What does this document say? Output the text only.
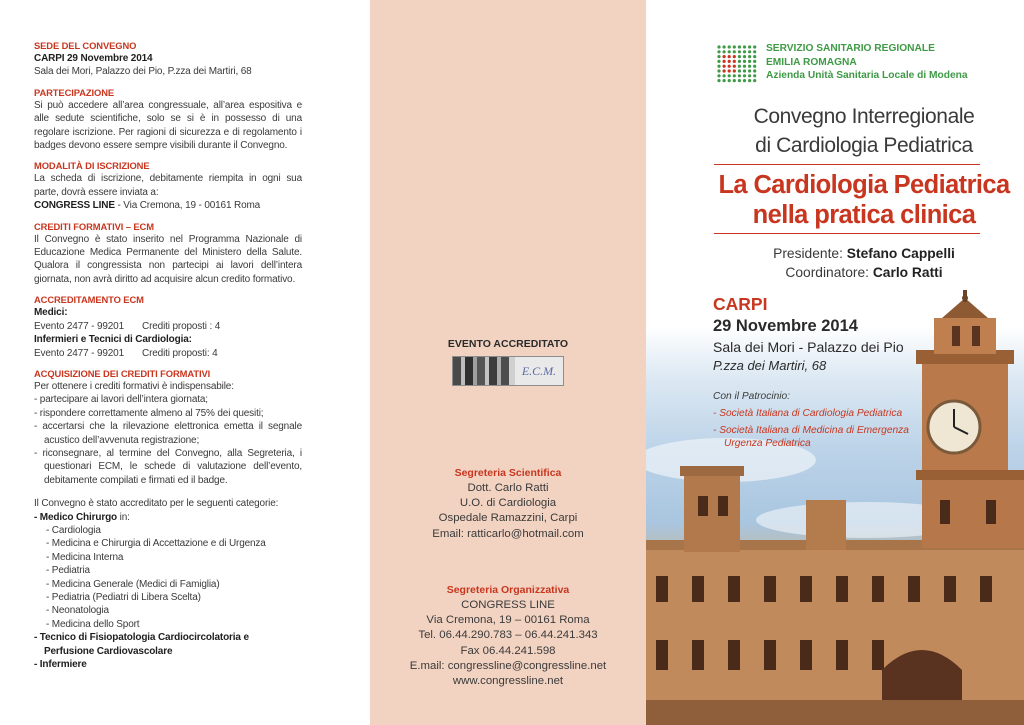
SEDE DEL CONVEGNO
CARPI 29 Novembre 2014
Sala dei Mori, Palazzo dei Pio, P.zza dei Martiri, 68
PARTECIPAZIONE

Si può accedere all’area congressuale, all’area espositiva e alle sedute scientifiche, solo se si è in possesso di una regolare iscrizione. Per ragioni di sicurezza e di regolamento i badges devono essere sempre visibili durante il Convegno.

MODALITÀ DI ISCRIZIONE

La scheda di iscrizione, debitamente riempita in ogni sua parte, dovrà essere inviata a:

CONGRESS LINE - Via Cremona, 19 - 00161 Roma
CREDITI FORMATIVI – ECM

Il Convegno è stato inserito nel Programma Nazionale di Educazione Medica Permanente del Ministero della Salute. Qualora il congressista non partecipi ai lavori dell’intera giornata, non avrà diritto ad acquisire alcun credito formativo.

ACCREDITAMENTO ECM
Medici:
Evento 2477 - 99201	Crediti proposti : 4
Infermieri e Tecnici di Cardiologia:
Evento 2477 - 99201	Crediti proposti: 4
ACQUISIZIONE DEI CREDITI FORMATIVI
Per ottenere i crediti formativi è indispensabile:
- partecipare ai lavori dell’intera giornata;
- rispondere correttamente almeno al 75% dei quesiti;
- accertarsi che la rilevazione elettronica emetta il segnale acustico dell’avvenuta registrazione;
- riconsegnare, al termine del Convegno, alla Segreteria, i questionari ECM, le schede di valutazione dell’evento, debitamente compilati e firmati ed il badge.
Il Convegno è stato accreditato per le seguenti categorie:
- Medico Chirurgo in:
- Cardiologia
- Medicina e Chirurgia di Accettazione e di Urgenza
- Medicina Interna
- Pediatria
- Medicina Generale (Medici di Famiglia)
- Pediatria (Pediatri di Libera Scelta)
- Neonatologia
- Medicina dello Sport
- Tecnico di Fisiopatologia Cardiocircolatoria e
Perfusione Cardiovascolare
- Infermiere
EVENTO ACCREDITATO
E.C.M.
Segreteria Scientifica
Dott. Carlo Ratti
U.O. di Cardiologia
Ospedale Ramazzini, Carpi
Email: ratticarlo@hotmail.com
Segreteria Organizzativa
CONGRESS LINE
Via Cremona, 19 – 00161 Roma
Tel. 06.44.290.783 – 06.44.241.343
Fax 06.44.241.598
E.mail: congressline@congressline.net
www.congressline.net
SERVIZIO SANITARIO REGIONALE
EMILIA ROMAGNA
Azienda Unità Sanitaria Locale di Modena
Convegno Interregionale
di Cardiologia Pediatrica
La Cardiologia Pediatrica
nella pratica clinica
Presidente: Stefano Cappelli
Coordinatore: Carlo Ratti
CARPI
29 Novembre 2014
Sala dei Mori - Palazzo dei Pio
P.zza dei Martiri, 68
Con il Patrocinio:
- Società Italiana di Cardiologia Pediatrica
- Società Italiana di Medicina di Emergenza Urgenza Pediatrica
